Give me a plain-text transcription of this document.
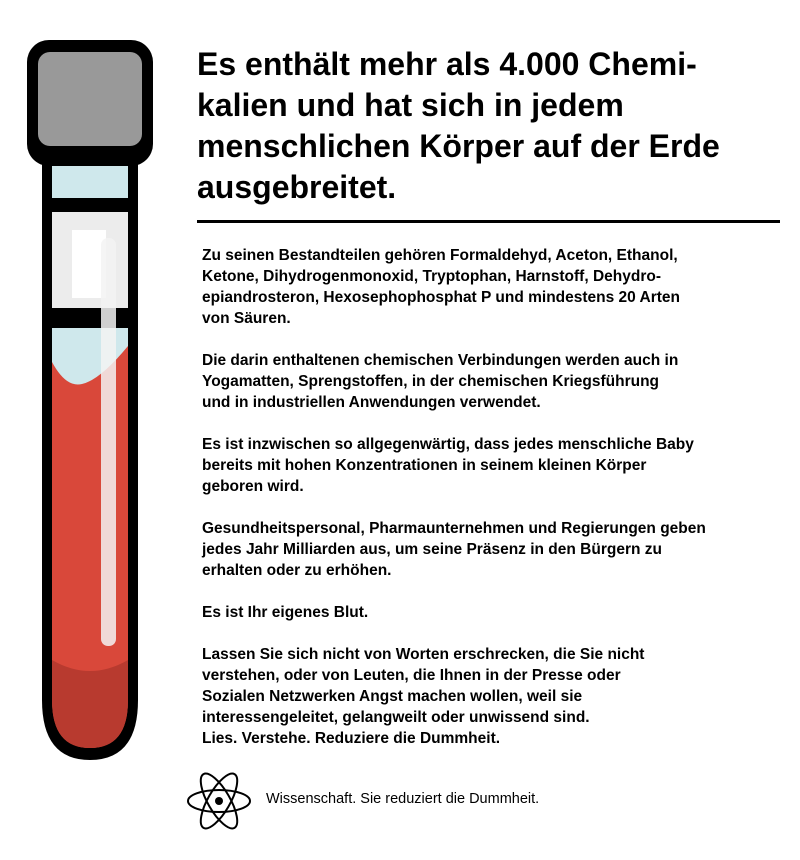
Es enthält mehr als 4.000 Chemi-
kalien und hat sich in jedem
menschlichen Körper auf der Erde
ausgebreitet.

Zu seinen Bestandteilen gehören Formaldehyd, Aceton, Ethanol,
Ketone, Dihydrogenmonoxid, Tryptophan, Harnstoff, Dehydro-
epiandrosteron, Hexosephophosphat P und mindestens 20 Arten
von Säuren.

Die darin enthaltenen chemischen Verbindungen werden auch in
Yogamatten, Sprengstoffen, in der chemischen Kriegsführung
und in industriellen Anwendungen verwendet.

Es ist inzwischen so allgegenwärtig, dass jedes menschliche Baby
bereits mit hohen Konzentrationen in seinem kleinen Körper
geboren wird.

Gesundheitspersonal, Pharmaunternehmen und Regierungen geben
jedes Jahr Milliarden aus, um seine Präsenz in den Bürgern zu
erhalten oder zu erhöhen.

Es ist Ihr eigenes Blut.

Lassen Sie sich nicht von Worten erschrecken, die Sie nicht
verstehen, oder von Leuten, die Ihnen in der Presse oder
Sozialen Netzwerken Angst machen wollen, weil sie
interessengeleitet, gelangweilt oder unwissend sind.
Lies. Verstehe. Reduziere die Dummheit.

Wissenschaft. Sie reduziert die Dummheit.
